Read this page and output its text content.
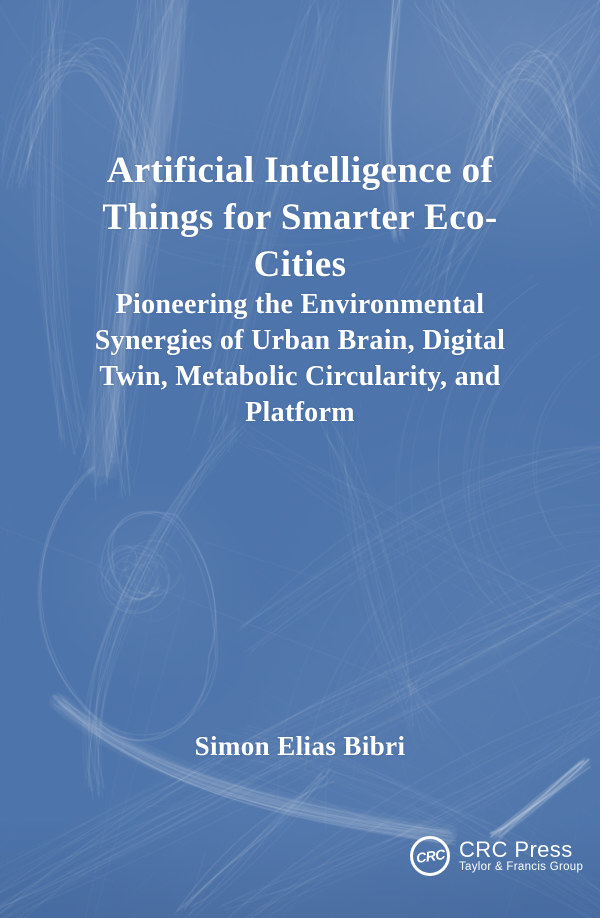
Artificial Intelligence of
Things for Smarter Eco-
Cities
Pioneering the Environmental
Synergies of Urban Brain, Digital
Twin, Metabolic Circularity, and
Platform
Simon Elias Bibri
CRC CRC Press
Taylor & Francis Group
